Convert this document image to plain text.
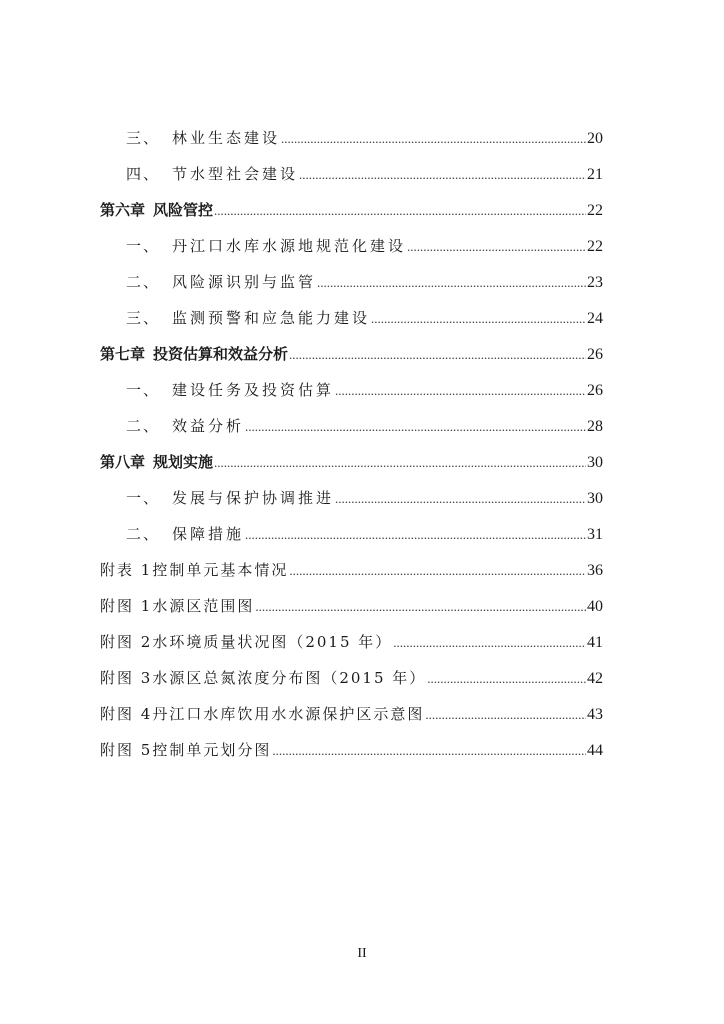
三、 林业生态建设 .....	20
四、 节水型社会建设 .....	21
第六章 风险管控 .....	22
一、 丹江口水库水源地规范化建设 .....	22
二、 风险源识别与监管 .....	23
三、 监测预警和应急能力建设 .....	24
第七章 投资估算和效益分析 .....	26
一、 建设任务及投资估算 .....	26
二、 效益分析 .....	28
第八章 规划实施 .....	30
一、 发展与保护协调推进 .....	30
二、 保障措施 .....	31
附表 1 控制单元基本情况 .....	36
附图 1 水源区范围图 .....	40
附图 2 水环境质量状况图（2015 年） .....	41
附图 3 水源区总氮浓度分布图（2015 年） .....	42
附图 4 丹江口水库饮用水水源保护区示意图 .....	43
附图 5 控制单元划分图 .....	44
II
